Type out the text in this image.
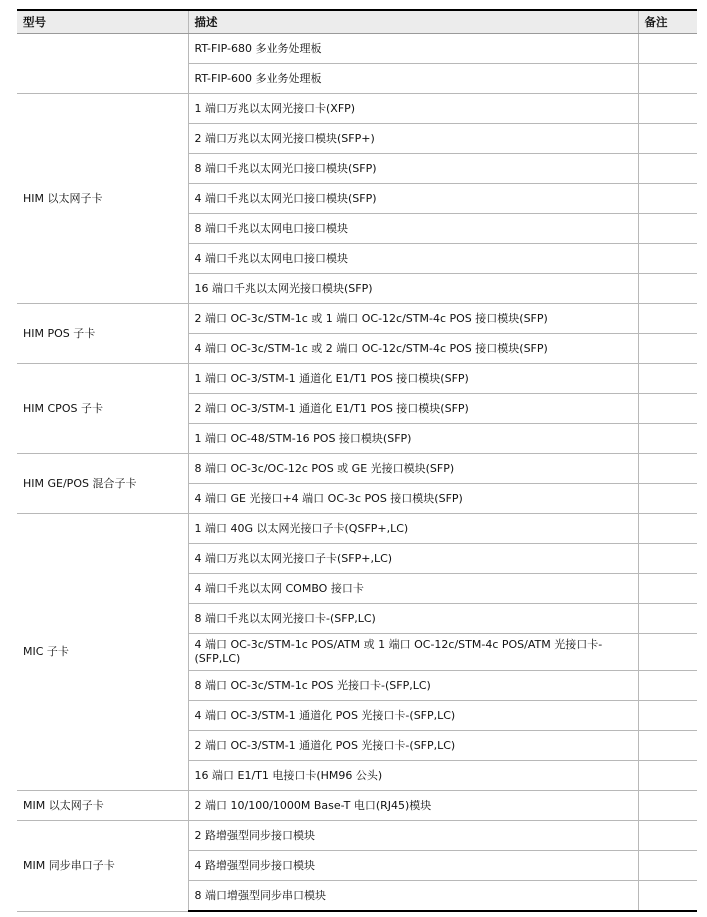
型号	描述	备注
	RT-FIP-680 多业务处理板	
	RT-FIP-600 多业务处理板	
HIM 以太网子卡	1 端口万兆以太网光接口卡(XFP)	
	2 端口万兆以太网光接口模块(SFP+)	
	8 端口千兆以太网光口接口模块(SFP)	
	4 端口千兆以太网光口接口模块(SFP)	
	8 端口千兆以太网电口接口模块	
	4 端口千兆以太网电口接口模块	
	16 端口千兆以太网光接口模块(SFP)	
HIM POS 子卡	2 端口 OC-3c/STM-1c 或 1 端口 OC-12c/STM-4c POS 接口模块(SFP)	
	4 端口 OC-3c/STM-1c 或 2 端口 OC-12c/STM-4c POS 接口模块(SFP)	
HIM CPOS 子卡	1 端口 OC-3/STM-1 通道化 E1/T1 POS 接口模块(SFP)	
	2 端口 OC-3/STM-1 通道化 E1/T1 POS 接口模块(SFP)	
	1 端口 OC-48/STM-16 POS 接口模块(SFP)	
HIM GE/POS 混合子卡	8 端口 OC-3c/OC-12c POS 或 GE 光接口模块(SFP)	
	4 端口 GE 光接口+4 端口 OC-3c POS 接口模块(SFP)	
MIC 子卡	1 端口 40G 以太网光接口子卡(QSFP+,LC)	
	4 端口万兆以太网光接口子卡(SFP+,LC)	
	4 端口千兆以太网 COMBO 接口卡	
	8 端口千兆以太网光接口卡-(SFP,LC)	
	4 端口 OC-3c/STM-1c POS/ATM 或 1 端口 OC-12c/STM-4c POS/ATM 光接口卡-(SFP,LC)	
	8 端口 OC-3c/STM-1c POS 光接口卡-(SFP,LC)	
	4 端口 OC-3/STM-1 通道化 POS 光接口卡-(SFP,LC)	
	2 端口 OC-3/STM-1 通道化 POS 光接口卡-(SFP,LC)	
	16 端口 E1/T1 电接口卡(HM96 公头)	
MIM 以太网子卡	2 端口 10/100/1000M Base-T 电口(RJ45)模块	
MIM 同步串口子卡	2 路增强型同步接口模块	
	4 路增强型同步接口模块	
	8 端口增强型同步串口模块	
